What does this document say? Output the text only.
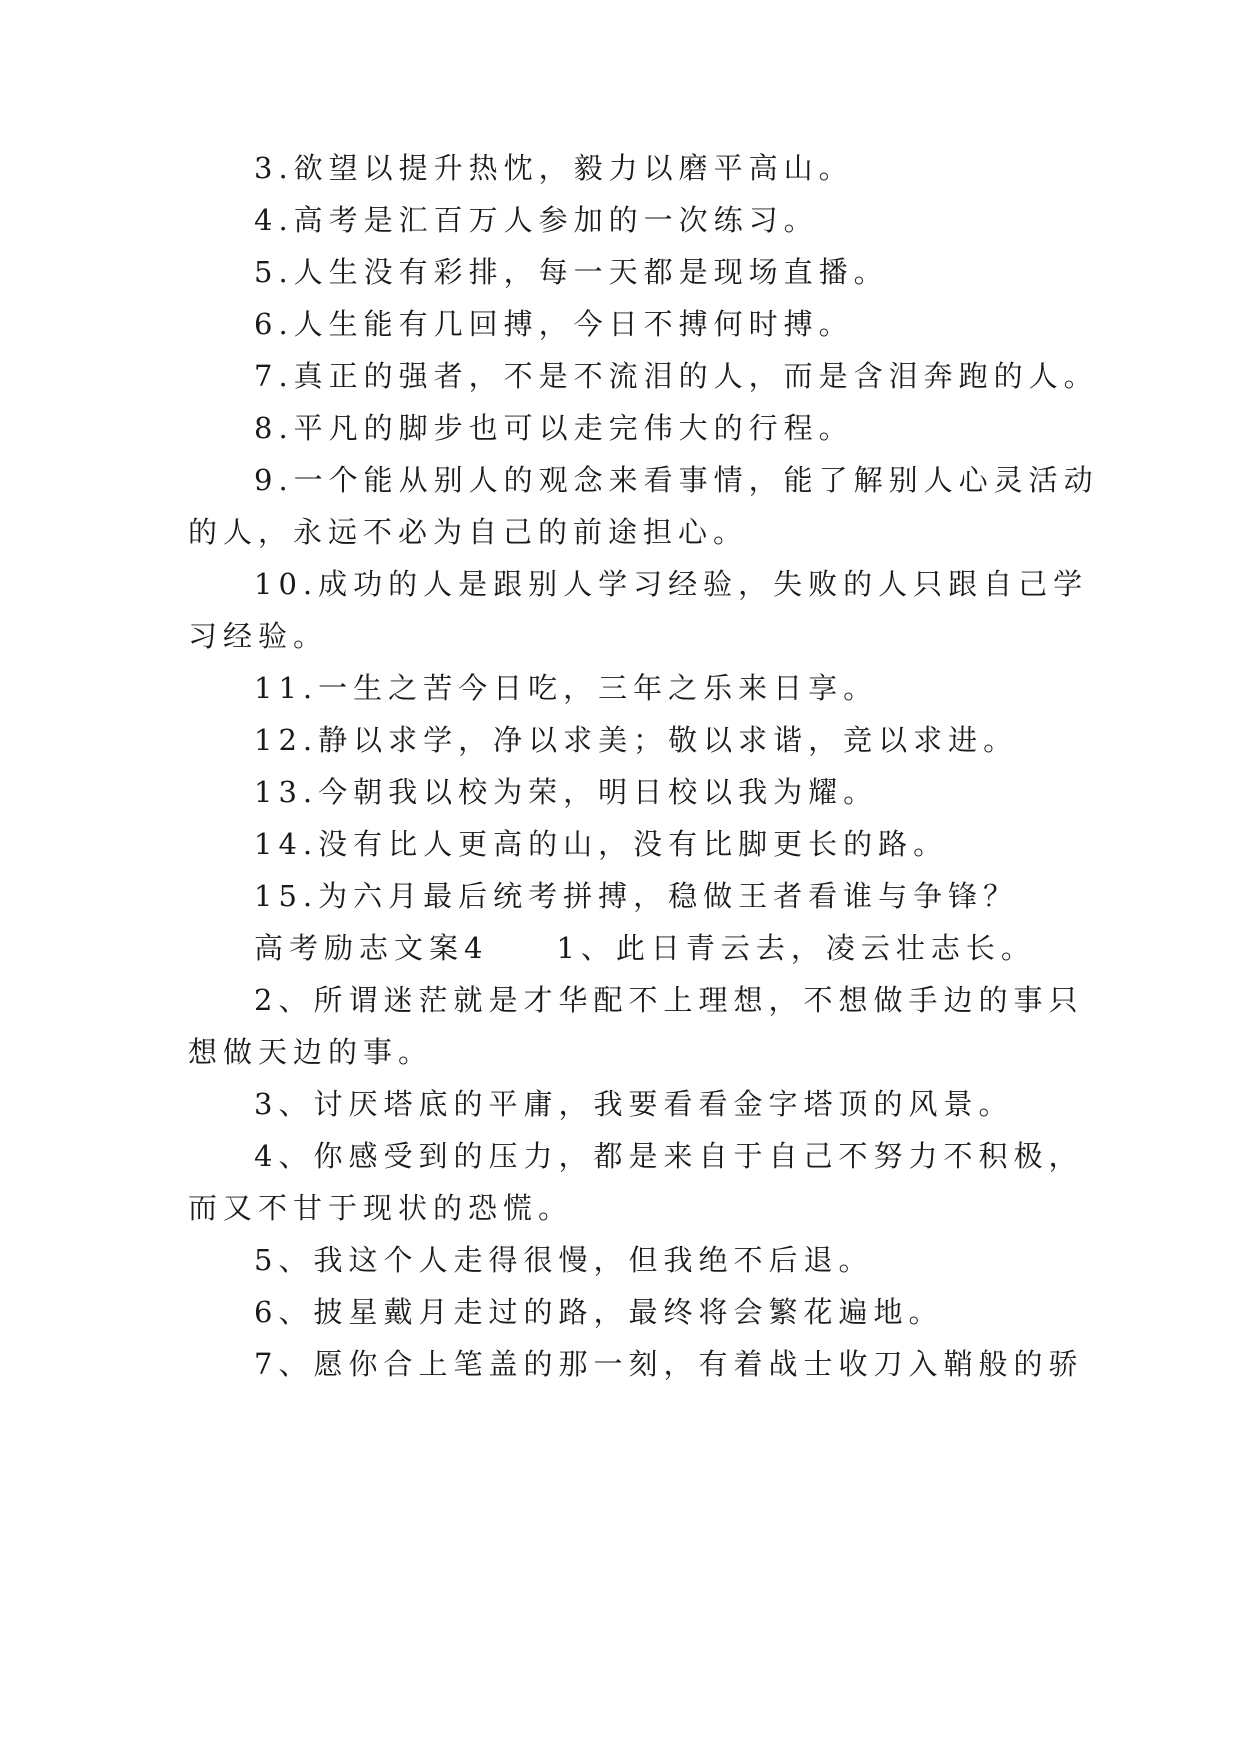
3.欲望以提升热忱，毅力以磨平高山。

4.高考是汇百万人参加的一次练习。

5.人生没有彩排，每一天都是现场直播。

6.人生能有几回搏，今日不搏何时搏。

7.真正的强者，不是不流泪的人，而是含泪奔跑的人。

8.平凡的脚步也可以走完伟大的行程。

9.一个能从别人的观念来看事情，能了解别人心灵活动

的人，永远不必为自己的前途担心。

10.成功的人是跟别人学习经验，失败的人只跟自己学

习经验。

11.一生之苦今日吃，三年之乐来日享。

12.静以求学，净以求美；敬以求谐，竞以求进。

13.今朝我以校为荣，明日校以我为耀。

14.没有比人更高的山，没有比脚更长的路。

15.为六月最后统考拼搏，稳做王者看谁与争锋？

高考励志文案4 1、此日青云去，凌云壮志长。

2、所谓迷茫就是才华配不上理想，不想做手边的事只

想做天边的事。

3、讨厌塔底的平庸，我要看看金字塔顶的风景。

4、你感受到的压力，都是来自于自己不努力不积极，

而又不甘于现状的恐慌。

5、我这个人走得很慢，但我绝不后退。

6、披星戴月走过的路，最终将会繁花遍地。

7、愿你合上笔盖的那一刻，有着战士收刀入鞘般的骄
